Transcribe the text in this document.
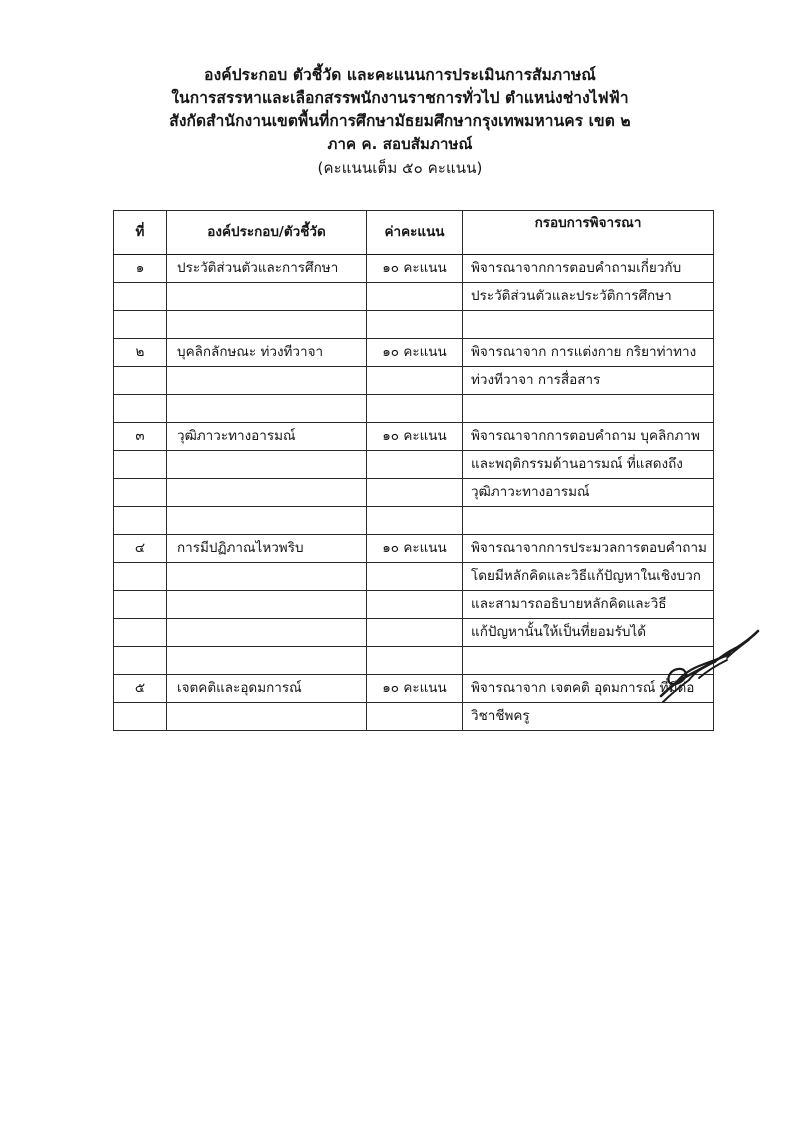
องค์ประกอบ ตัวชี้วัด และคะแนนการประเมินการสัมภาษณ์
ในการสรรหาและเลือกสรรพนักงานราชการทั่วไป ตำแหน่งช่างไฟฟ้า
สังกัดสำนักงานเขตพื้นที่การศึกษามัธยมศึกษากรุงเทพมหานคร เขต ๒
ภาค ค. สอบสัมภาษณ์
(คะแนนเต็ม ๕๐ คะแนน)
ที่	องค์ประกอบ/ตัวชี้วัด	ค่าคะแนน	กรอบการพิจารณา
๑	ประวัติส่วนตัวและการศึกษา	๑๐ คะแนน	พิจารณาจากการตอบคำถามเกี่ยวกับ
			ประวัติส่วนตัวและประวัติการศึกษา

๒	บุคลิกลักษณะ ท่วงทีวาจา	๑๐ คะแนน	พิจารณาจาก การแต่งกาย กริยาท่าทาง
			ท่วงทีวาจา การสื่อสาร

๓	วุฒิภาวะทางอารมณ์	๑๐ คะแนน	พิจารณาจากการตอบคำถาม บุคลิกภาพ
			และพฤติกรรมด้านอารมณ์ ที่แสดงถึง
			วุฒิภาวะทางอารมณ์

๔	การมีปฏิภาณไหวพริบ	๑๐ คะแนน	พิจารณาจากการประมวลการตอบคำถาม
			โดยมีหลักคิดและวิธีแก้ปัญหาในเชิงบวก
			และสามารถอธิบายหลักคิดและวิธี
			แก้ปัญหานั้นให้เป็นที่ยอมรับได้

๕	เจตคติและอุดมการณ์	๑๐ คะแนน	พิจารณาจาก เจตคติ อุดมการณ์ ที่มีต่อ
			วิชาชีพครู
